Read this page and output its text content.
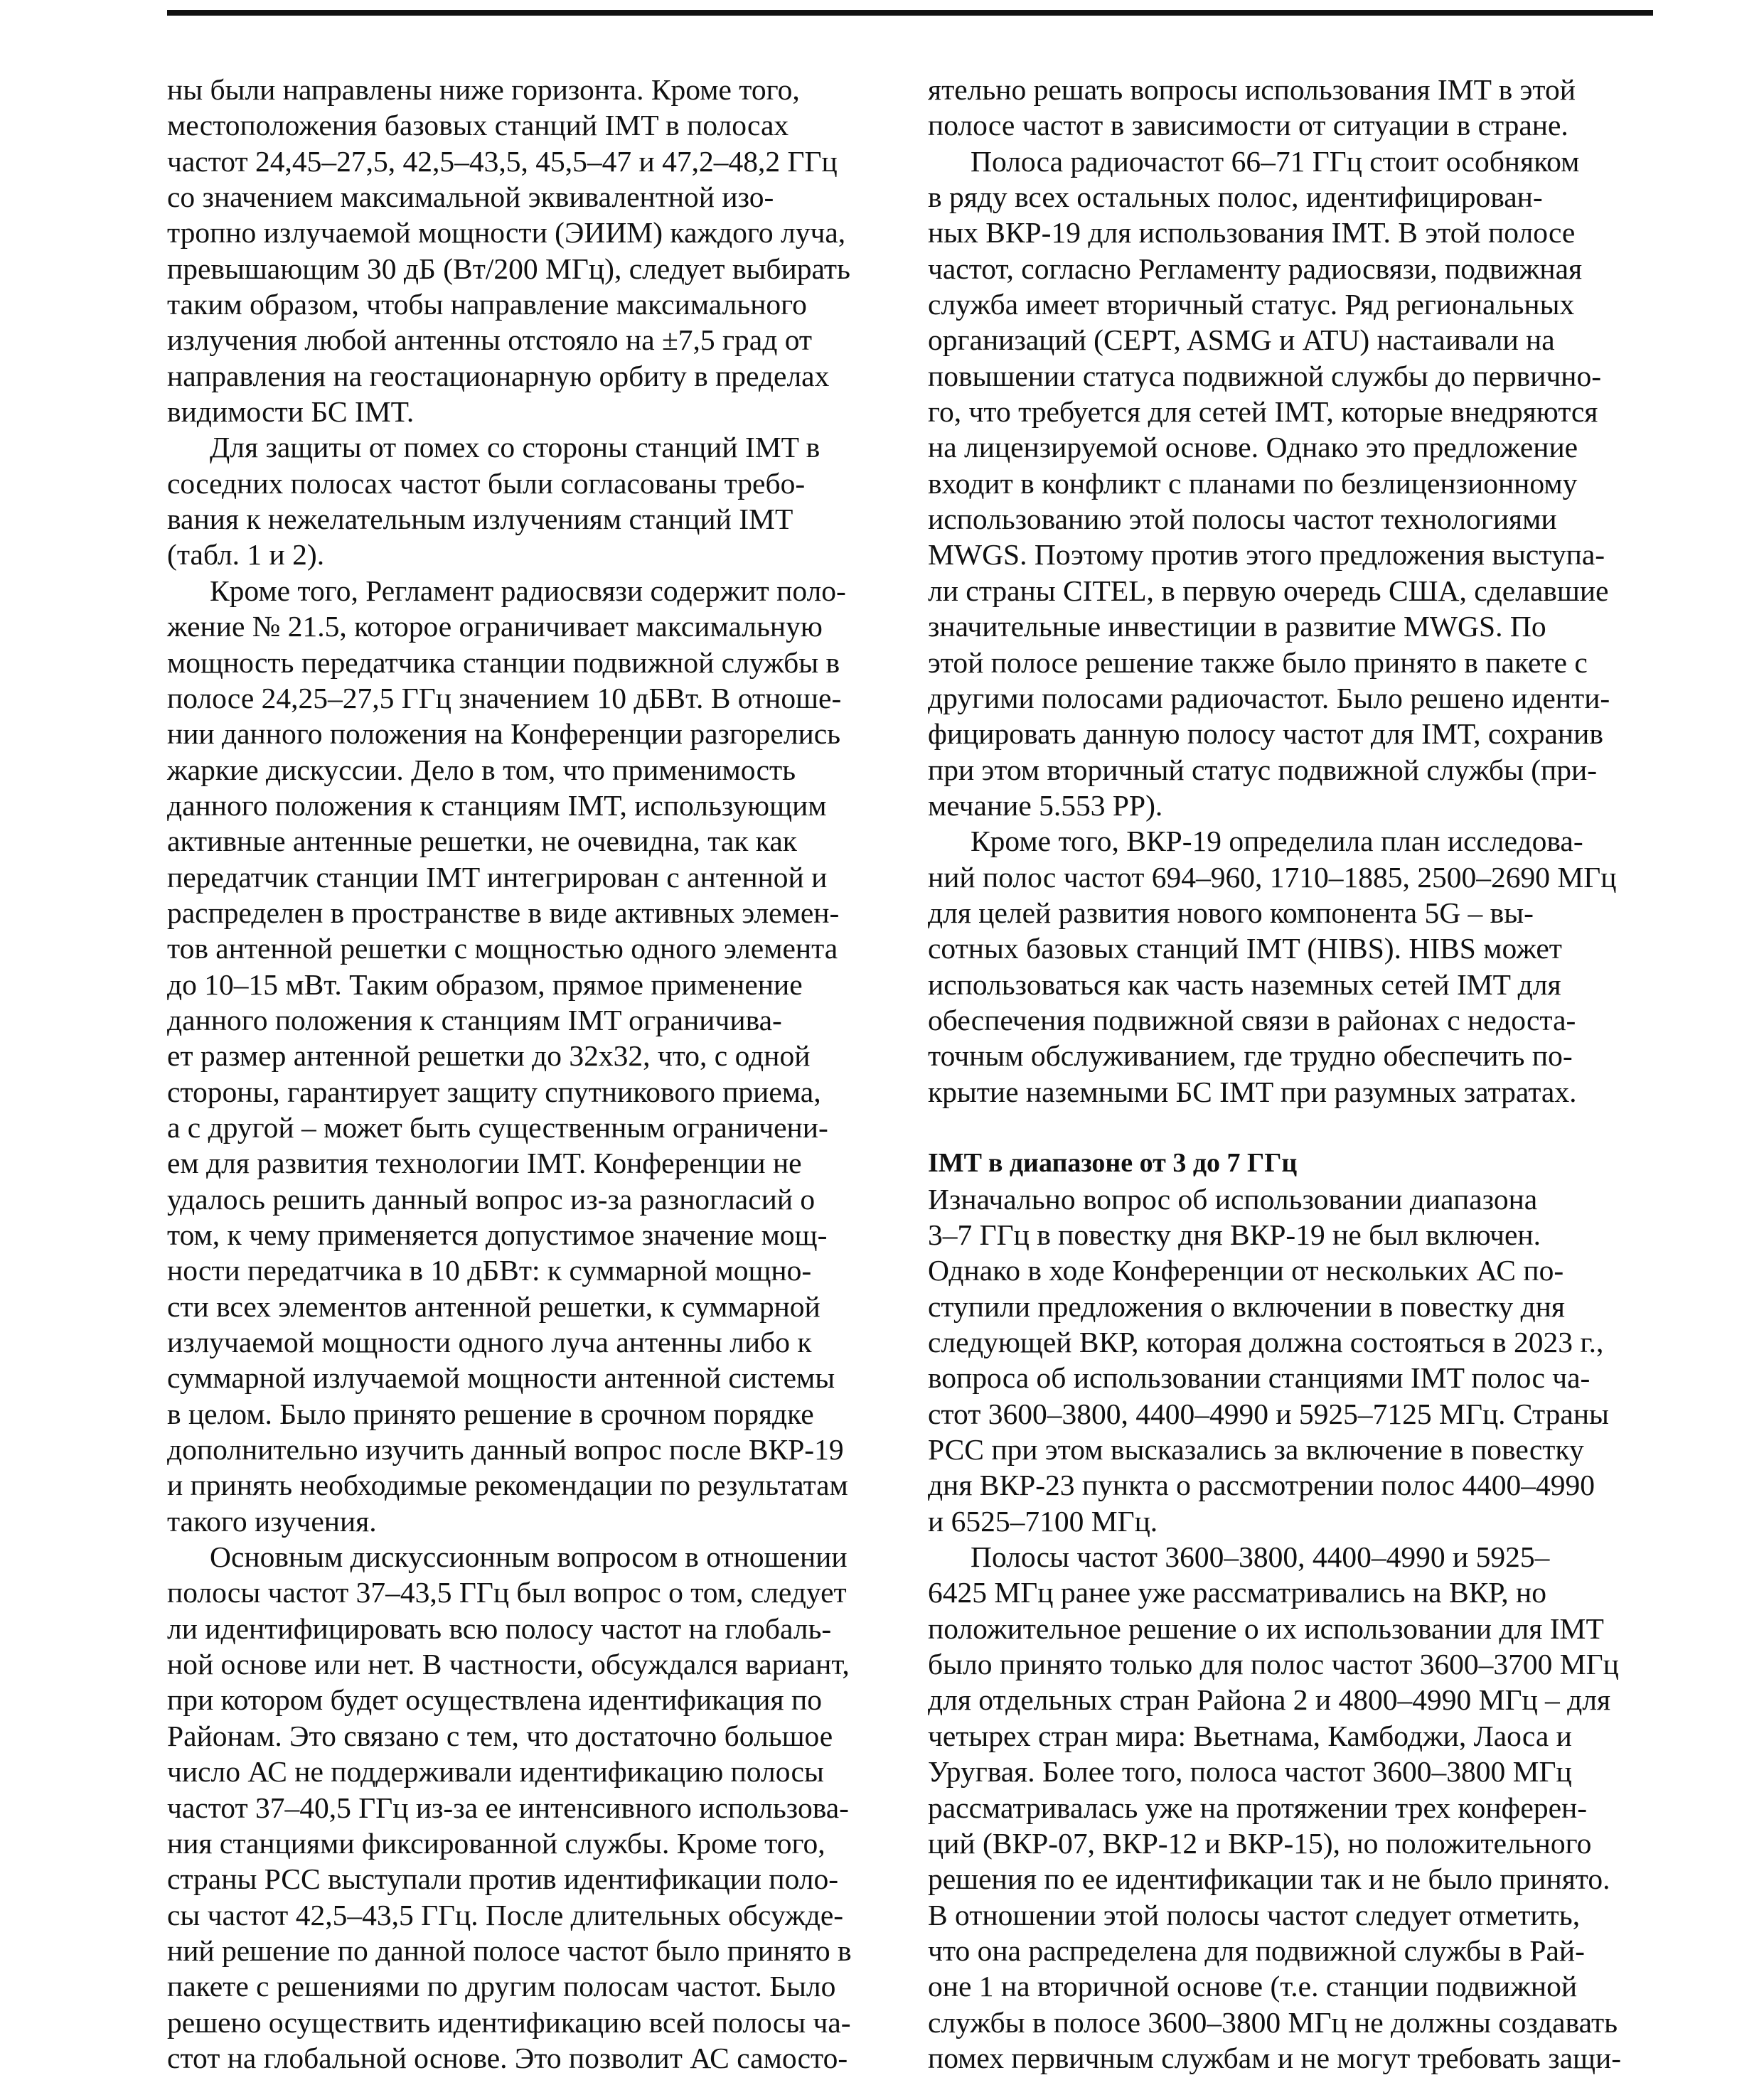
ны были направлены ниже горизонта. Кроме того,
местоположения базовых станций IMT в полосах
частот 24,45–27,5, 42,5–43,5, 45,5–47 и 47,2–48,2 ГГц
со значением максимальной эквивалентной изо-
тропно излучаемой мощности (ЭИИМ) каждого луча,
превышающим 30 дБ (Вт/200 МГц), следует выбирать
таким образом, чтобы направление максимального
излучения любой антенны отстояло на ±7,5 град от
направления на геостационарную орбиту в пределах
видимости БС IMT.
Для защиты от помех со стороны станций IMT в
соседних полосах частот были согласованы требо-
вания к нежелательным излучениям станций IMT
(табл. 1 и 2).
Кроме того, Регламент радиосвязи содержит поло-
жение № 21.5, которое ограничивает максимальную
мощность передатчика станции подвижной службы в
полосе 24,25–27,5 ГГц значением 10 дБВт. В отноше-
нии данного положения на Конференции разгорелись
жаркие дискуссии. Дело в том, что применимость
данного положения к станциям IMT, использующим
активные антенные решетки, не очевидна, так как
передатчик станции IMT интегрирован с антенной и
распределен в пространстве в виде активных элемен-
тов антенной решетки с мощностью одного элемента
до 10–15 мВт. Таким образом, прямое применение
данного положения к станциям IMT ограничива-
ет размер антенной решетки до 32х32, что, с одной
стороны, гарантирует защиту спутникового приема,
а с другой – может быть существенным ограничени-
ем для развития технологии IMT. Конференции не
удалось решить данный вопрос из-за разногласий о
том, к чему применяется допустимое значение мощ-
ности передатчика в 10 дБВт: к суммарной мощно-
сти всех элементов антенной решетки, к суммарной
излучаемой мощности одного луча антенны либо к
суммарной излучаемой мощности антенной системы
в целом. Было принято решение в срочном порядке
дополнительно изучить данный вопрос после ВКР-19
и принять необходимые рекомендации по результатам
такого изучения.
Основным дискуссионным вопросом в отношении
полосы частот 37–43,5 ГГц был вопрос о том, следует
ли идентифицировать всю полосу частот на глобаль-
ной основе или нет. В частности, обсуждался вариант,
при котором будет осуществлена идентификация по
Районам. Это связано с тем, что достаточно большое
число АС не поддерживали идентификацию полосы
частот 37–40,5 ГГц из-за ее интенсивного использова-
ния станциями фиксированной службы. Кроме того,
страны РСС выступали против идентификации поло-
сы частот 42,5–43,5 ГГц. После длительных обсужде-
ний решение по данной полосе частот было принято в
пакете с решениями по другим полосам частот. Было
решено осуществить идентификацию всей полосы ча-
стот на глобальной основе. Это позволит АС самосто-
ятельно решать вопросы использования IMT в этой
полосе частот в зависимости от ситуации в стране.
Полоса радиочастот 66–71 ГГц стоит особняком
в ряду всех остальных полос, идентифицирован-
ных ВКР-19 для использования IMT. В этой полосе
частот, согласно Регламенту радиосвязи, подвижная
служба имеет вторичный статус. Ряд региональных
организаций (CEPT, ASMG и ATU) настаивали на
повышении статуса подвижной службы до первично-
го, что требуется для сетей IMT, которые внедряются
на лицензируемой основе. Однако это предложение
входит в конфликт с планами по безлицензионному
использованию этой полосы частот технологиями
MWGS. Поэтому против этого предложения выступа-
ли страны CITEL, в первую очередь США, сделавшие
значительные инвестиции в развитие MWGS. По
этой полосе решение также было принято в пакете с
другими полосами радиочастот. Было решено иденти-
фицировать данную полосу частот для IMT, сохранив
при этом вторичный статус подвижной службы (при-
мечание 5.553 РР).
Кроме того, ВКР-19 определила план исследова-
ний полос частот 694–960, 1710–1885, 2500–2690 МГц
для целей развития нового компонента 5G – вы-
сотных базовых станций IMT (HIBS). HIBS может
использоваться как часть наземных сетей IMT для
обеспечения подвижной связи в районах с недоста-
точным обслуживанием, где трудно обеспечить по-
крытие наземными БС IMT при разумных затратах.
IMT в диапазоне от 3 до 7 ГГц
Изначально вопрос об использовании диапазона
3–7 ГГц в повестку дня ВКР-19 не был включен.
Однако в ходе Конференции от нескольких АС по-
ступили предложения о включении в повестку дня
следующей ВКР, которая должна состояться в 2023 г.,
вопроса об использовании станциями IMT полос ча-
стот 3600–3800, 4400–4990 и 5925–7125 МГц. Страны
РСС при этом высказались за включение в повестку
дня ВКР-23 пункта о рассмотрении полос 4400–4990
и 6525–7100 МГц.
Полосы частот 3600–3800, 4400–4990 и 5925–
6425 МГц ранее уже рассматривались на ВКР, но
положительное решение о их использовании для IMT
было принято только для полос частот 3600–3700 МГц
для отдельных стран Района 2 и 4800–4990 МГц – для
четырех стран мира: Вьетнама, Камбоджи, Лаоса и
Уругвая. Более того, полоса частот 3600–3800 МГц
рассматривалась уже на протяжении трех конферен-
ций (ВКР-07, ВКР-12 и ВКР-15), но положительного
решения по ее идентификации так и не было принято.
В отношении этой полосы частот следует отметить,
что она распределена для подвижной службы в Рай-
оне 1 на вторичной основе (т.е. станции подвижной
службы в полосе 3600–3800 МГц не должны создавать
помех первичным службам и не могут требовать защи-
